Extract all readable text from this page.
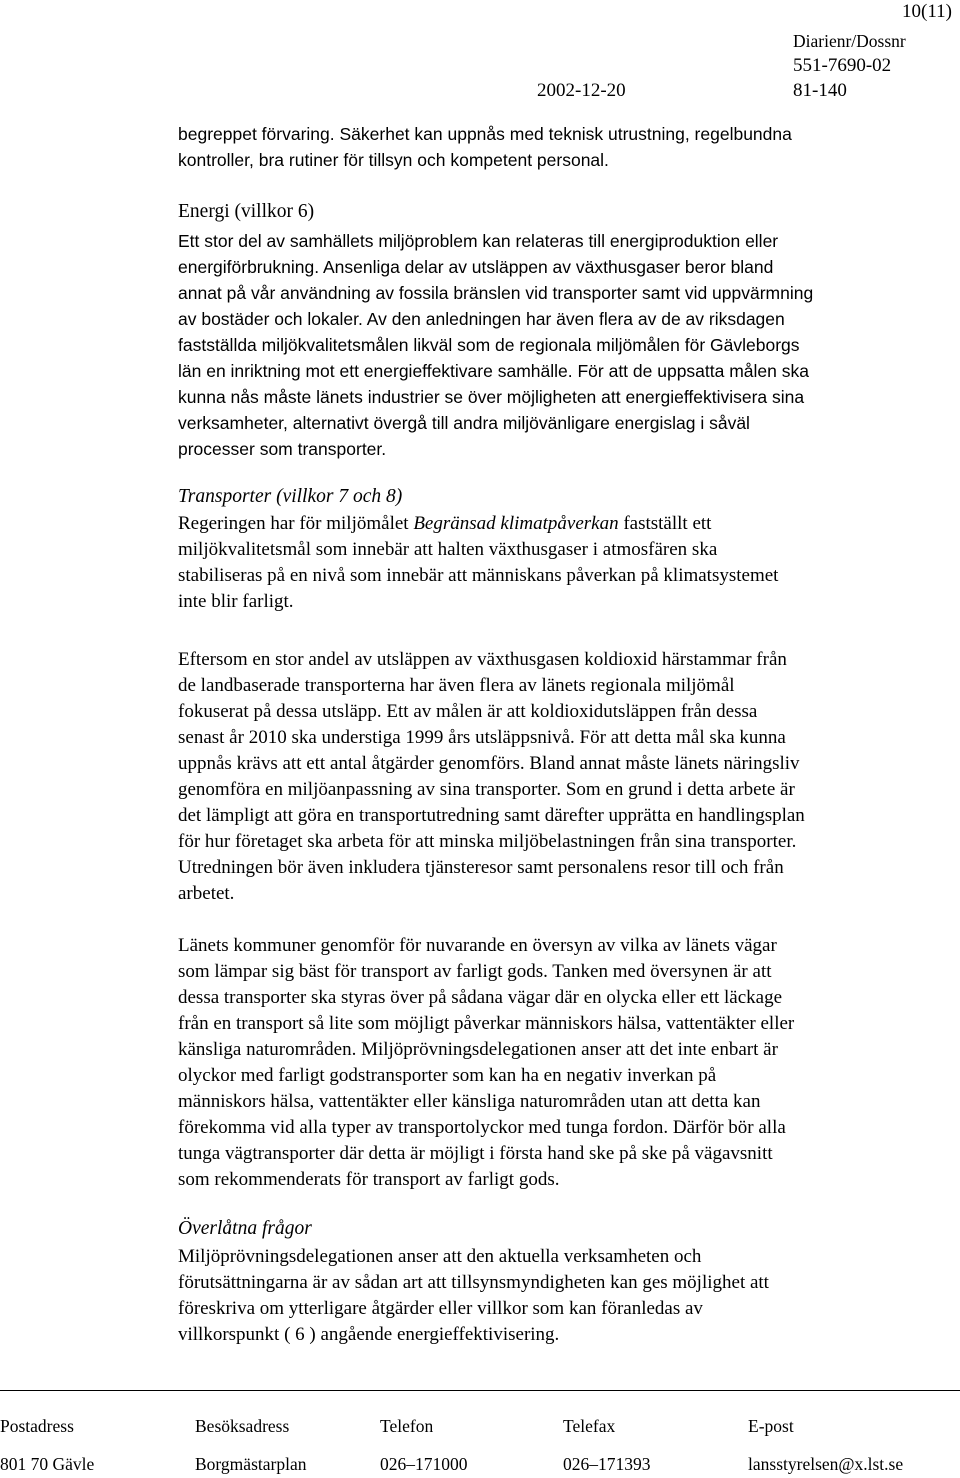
10(11)
Diarienr/Dossnr
551-7690-02
2002-12-20	81-140

begreppet förvaring. Säkerhet kan uppnås med teknisk utrustning, regelbundna
kontroller, bra rutiner för tillsyn och kompetent personal.

Energi (villkor 6)

Ett stor del av samhällets miljöproblem kan relateras till energiproduktion eller
energiförbrukning. Ansenliga delar av utsläppen av växthusgaser beror bland
annat på vår användning av fossila bränslen vid transporter samt vid uppvärmning
av bostäder och lokaler. Av den anledningen har även flera av de av riksdagen
fastställda miljökvalitetsmålen likväl som de regionala miljömålen för Gävleborgs
län en inriktning mot ett energieffektivare samhälle. För att de uppsatta målen ska
kunna nås måste länets industrier se över möjligheten att energieffektivisera sina
verksamheter, alternativt övergå till andra miljövänligare energislag i såväl
processer som transporter.

Transporter (villkor 7 och 8)

Regeringen har för miljömålet Begränsad klimatpåverkan fastställt ett
miljökvalitetsmål som innebär att halten växthusgaser i atmosfären ska
stabiliseras på en nivå som innebär att människans påverkan på klimatsystemet
inte blir farligt.

Eftersom en stor andel av utsläppen av växthusgasen koldioxid härstammar från
de landbaserade transporterna har även flera av länets regionala miljömål
fokuserat på dessa utsläpp. Ett av målen är att koldioxidutsläppen från dessa
senast år 2010 ska understiga 1999 års utsläppsnivå. För att detta mål ska kunna
uppnås krävs att ett antal åtgärder genomförs. Bland annat måste länets näringsliv
genomföra en miljöanpassning av sina transporter. Som en grund i detta arbete är
det lämpligt att göra en transportutredning samt därefter upprätta en handlingsplan
för hur företaget ska arbeta för att minska miljöbelastningen från sina transporter.
Utredningen bör även inkludera tjänsteresor samt personalens resor till och från
arbetet.
Länets kommuner genomför för nuvarande en översyn av vilka av länets vägar
som lämpar sig bäst för transport av farligt gods. Tanken med översynen är att
dessa transporter ska styras över på sådana vägar där en olycka eller ett läckage
från en transport så lite som möjligt påverkar människors hälsa, vattentäkter eller
känsliga naturområden. Miljöprövningsdelegationen anser att det inte enbart är
olyckor med farligt godstransporter som kan ha en negativ inverkan på
människors hälsa, vattentäkter eller känsliga naturområden utan att detta kan
förekomma vid alla typer av transportolyckor med tunga fordon. Därför bör alla
tunga vägtransporter där detta är möjligt i första hand ske på ske på vägavsnitt
som rekommenderats för transport av farligt gods.
Överlåtna frågor

Miljöprövningsdelegationen anser att den aktuella verksamheten och
förutsättningarna är av sådan art att tillsynsmyndigheten kan ges möjlighet att
föreskriva om ytterligare åtgärder eller villkor som kan föranledas av
villkorspunkt ( 6 ) angående energieffektivisering.

Postadress	Besöksadress	Telefon	Telefax	E-post
801 70 Gävle	Borgmästarplan	026–171000	026–171393	lansstyrelsen@x.lst.se
